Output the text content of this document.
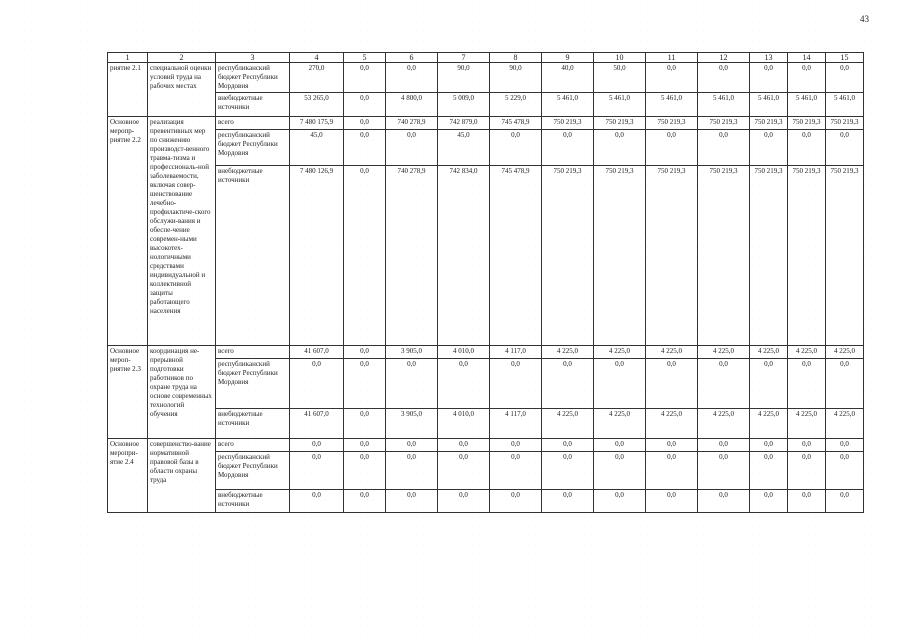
43
1	2	3	4	5	6	7	8	9	10	11	12	13	14	15
риятие 2.1	специальной оценки условий труда на рабочих местах	республиканский бюджет Республики Мордовия	270,0	0,0	0,0	90,0	90,0	40,0	50,0	0,0	0,0	0,0	0,0	0,0
		внебюджетные источники	53 265,0	0,0	4 800,0	5 009,0	5 229,0	5 461,0	5 461,0	5 461,0	5 461,0	5 461,0	5 461,0	5 461,0
Основное меропр-риятие 2.2	реализация превентивных мер по снижению производст-венного травма-тизма и профессиональ-ной заболеваемости, включая совер-шенствование лечебно-профилактиче-ского обслужи-вания и обеспе-чение современ-ными высокотех-нологичными средствами индивидуальной и коллективной защиты работающего населения	всего	7 480 175,9	0,0	740 278,9	742 879,0	745 478,9	750 219,3	750 219,3	750 219,3	750 219,3	750 219,3	750 219,3	750 219,3
		республиканский бюджет Республики Мордовия	45,0	0,0	0,0	45,0	0,0	0,0	0,0	0,0	0,0	0,0	0,0	0,0
		внебюджетные источники	7 480 126,9	0,0	740 278,9	742 834,0	745 478,9	750 219,3	750 219,3	750 219,3	750 219,3	750 219,3	750 219,3	750 219,3
Основное мероп-риятие 2.3	координация не-прерывной подготовки работников по охране труда на основе современных технологий обучения	всего	41 607,0	0,0	3 905,0	4 010,0	4 117,0	4 225,0	4 225,0	4 225,0	4 225,0	4 225,0	4 225,0	4 225,0
		республиканский бюджет Республики Мордовия	0,0	0,0	0,0	0,0	0,0	0,0	0,0	0,0	0,0	0,0	0,0	0,0
		внебюджетные источники	41 607,0	0,0	3 905,0	4 010,0	4 117,0	4 225,0	4 225,0	4 225,0	4 225,0	4 225,0	4 225,0	4 225,0
Основное меропри-ятие 2.4	совершенство-вание нормативной правовой базы в области охраны труда	всего	0,0	0,0	0,0	0,0	0,0	0,0	0,0	0,0	0,0	0,0	0,0	0,0
		республиканский бюджет Республики Мордовия	0,0	0,0	0,0	0,0	0,0	0,0	0,0	0,0	0,0	0,0	0,0	0,0
		внебюджетные источники	0,0	0,0	0,0	0,0	0,0	0,0	0,0	0,0	0,0	0,0	0,0	0,0
